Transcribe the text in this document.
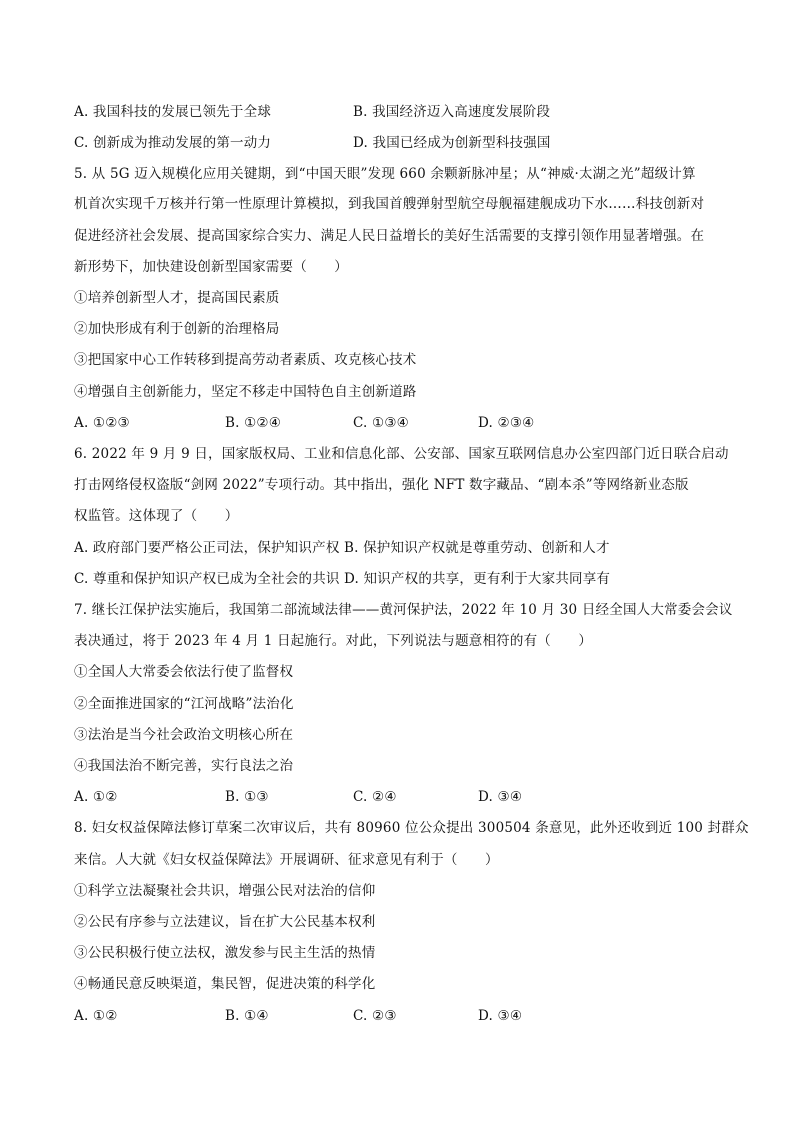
A. 我国科技的发展已领先于全球	B. 我国经济迈入高速度发展阶段
C. 创新成为推动发展的第一动力	D. 我国已经成为创新型科技强国
5. 从 5G 迈入规模化应用关键期，到“中国天眼”发现 660 余颗新脉冲星；从“神威·太湖之光”超级计算
机首次实现千万核并行第一性原理计算模拟，到我国首艘弹射型航空母舰福建舰成功下水……科技创新对
促进经济社会发展、提高国家综合实力、满足人民日益增长的美好生活需要的支撑引领作用显著增强。在
新形势下，加快建设创新型国家需要（　　）
①培养创新型人才，提高国民素质
②加快形成有利于创新的治理格局
③把国家中心工作转移到提高劳动者素质、攻克核心技术
④增强自主创新能力，坚定不移走中国特色自主创新道路
A. ①②③	B. ①②④	C. ①③④	D. ②③④
6. 2022 年 9 月 9 日，国家版权局、工业和信息化部、公安部、国家互联网信息办公室四部门近日联合启动
打击网络侵权盗版“剑网 2022”专项行动。其中指出，强化 NFT 数字藏品、“剧本杀”等网络新业态版
权监管。这体现了（　　）
A. 政府部门要严格公正司法，保护知识产权 B. 保护知识产权就是尊重劳动、创新和人才
C. 尊重和保护知识产权已成为全社会的共识 D. 知识产权的共享，更有利于大家共同享有
7. 继长江保护法实施后，我国第二部流域法律——黄河保护法，2022 年 10 月 30 日经全国人大常委会会议
表决通过，将于 2023 年 4 月 1 日起施行。对此，下列说法与题意相符的有（　　）
①全国人大常委会依法行使了监督权
②全面推进国家的“江河战略”法治化
③法治是当今社会政治文明核心所在
④我国法治不断完善，实行良法之治
A. ①②	B. ①③	C. ②④	D. ③④
8. 妇女权益保障法修订草案二次审议后，共有 80960 位公众提出 300504 条意见，此外还收到近 100 封群众
来信。人大就《妇女权益保障法》开展调研、征求意见有利于（　　）
①科学立法凝聚社会共识，增强公民对法治的信仰
②公民有序参与立法建议，旨在扩大公民基本权利
③公民积极行使立法权，激发参与民主生活的热情
④畅通民意反映渠道，集民智，促进决策的科学化
A. ①②	B. ①④	C. ②③	D. ③④
